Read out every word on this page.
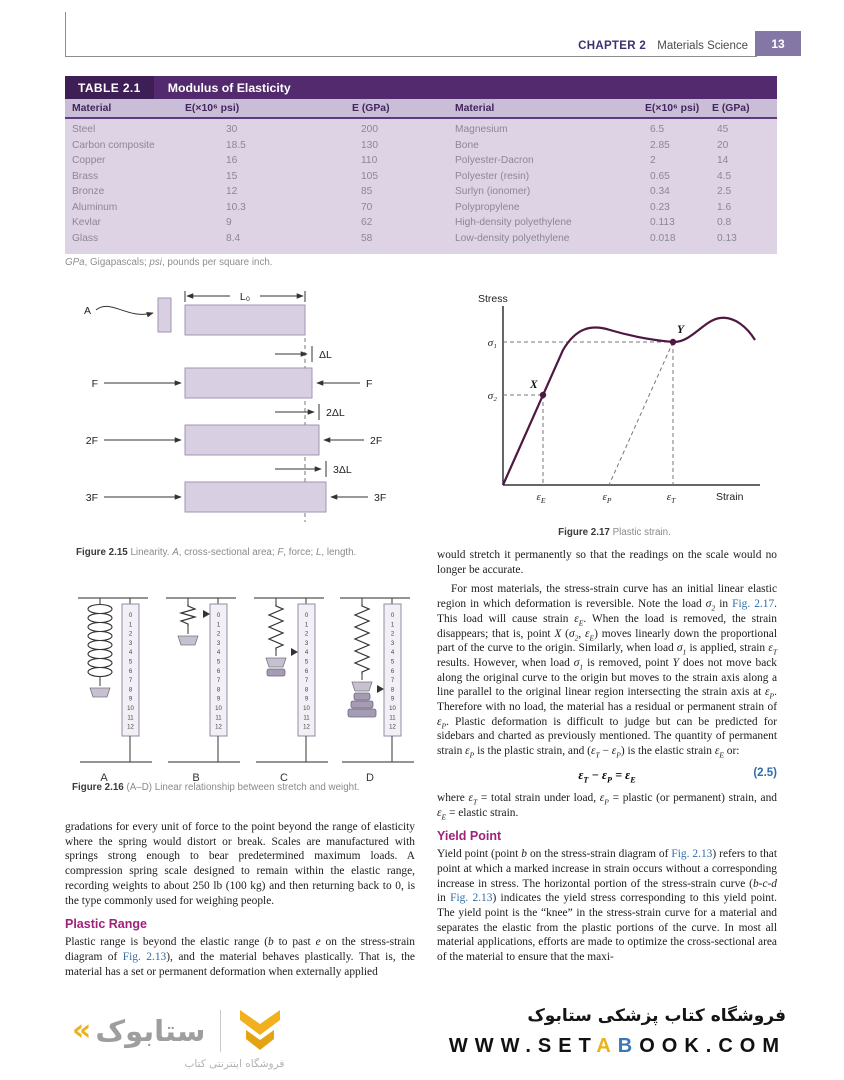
CHAPTER 2 Materials Science	13
TABLE 2.1	Modulus of Elasticity
Material	E(×10⁶ psi)	E (GPa)	Material	E(×10⁶ psi)	E (GPa)
Steel	30	200	Magnesium	6.5	45
Carbon composite	18.5	130	Bone	2.85	20
Copper	16	110	Polyester-Dacron	2	14
Brass	15	105	Polyester (resin)	0.65	4.5
Bronze	12	85	Surlyn (ionomer)	0.34	2.5
Aluminum	10.3	70	Polypropylene	0.23	1.6
Kevlar	9	62	High-density polyethylene	0.113	0.8
Glass	8.4	58	Low-density polyethylene	0.018	0.13
GPa, Gigapascals; psi, pounds per square inch.
A
L₀
ΔL
F	F
2ΔL
2F	2F
3ΔL
3F	3F
Figure 2.15 Linearity. A, cross-sectional area; F, force; L, length.
Stress
X
Y
σ₁
σ₂
$\varepsilon_E$	$\varepsilon_P$	$\varepsilon_T$	Strain
Figure 2.17 Plastic strain.
0
1
2
3
4
5
6
7
8
9
10
11
12
A
0
1
2
3
4
5
6
7
8
9
10
11
12
B
0
1
2
3
4
5
6
7
8
9
10
11
12
C
0
1
2
3
4
5
6
7
8
9
10
11
12
D
Figure 2.16 (A–D) Linear relationship between stretch and weight.

gradations for every unit of force to the point beyond the range of elasticity where the spring would distort or break. Scales are manufactured with springs strong enough to bear predetermined maximum loads. A compression spring scale designed to remain within the elastic range, recording weights to about 250 lb (100 kg) and then returning back to 0, is the type commonly used for weighing people.

Plastic Range

Plastic range is beyond the elastic range (b to past e on the stress-strain diagram of Fig. 2.13), and the material behaves plastically. That is, the material has a set or permanent deformation when externally applied

would stretch it permanently so that the readings on the scale would no longer be accurate.

For most materials, the stress-strain curve has an initial linear elastic region in which deformation is reversible. Note the load $\sigma_2$ in Fig. 2.17. This load will cause strain $\varepsilon_E$. When the load is removed, the strain disappears; that is, point X ($\sigma_2$, $\varepsilon_E$) moves linearly down the proportional part of the curve to the origin. Similarly, when load $\sigma_1$ is applied, strain $\varepsilon_T$ results. However, when load $\sigma_1$ is removed, point Y does not move back along the original curve to the origin but moves to the strain axis along a line parallel to the original linear region intersecting the strain axis at $\varepsilon_P$. Therefore with no load, the material has a residual or permanent strain of $\varepsilon_P$. Plastic deformation is difficult to judge but can be predicted for sidebars and charted as previously mentioned. The quantity of permanent strain $\varepsilon_P$ is the plastic strain, and $(\varepsilon_T - \varepsilon_P)$ is the elastic strain $\varepsilon_E$ or:

$\varepsilon_T - \varepsilon_P = \varepsilon_E$
(2.5)

where $\varepsilon_T$ = total strain under load, $\varepsilon_P$ = plastic (or permanent) strain, and $\varepsilon_E$ = elastic strain.

Yield Point

Yield point (point b on the stress-strain diagram of Fig. 2.13) refers to that point at which a marked increase in strain occurs without a corresponding increase in stress. The horizontal portion of the stress-strain curve (b-c-d in Fig. 2.13) indicates the yield stress corresponding to this yield point. The yield point is the “knee” in the stress-strain curve for a material and separates the elastic from the plastic portions of the curve. In most all material applications, efforts are made to optimize the cross-sectional area of the material to ensure that the maxi-

« ستابوک
فروشگاه اینترنتی کتاب
فروشگاه کتاب پزشکی ستابوک
WWW.SETABOOK.COM
